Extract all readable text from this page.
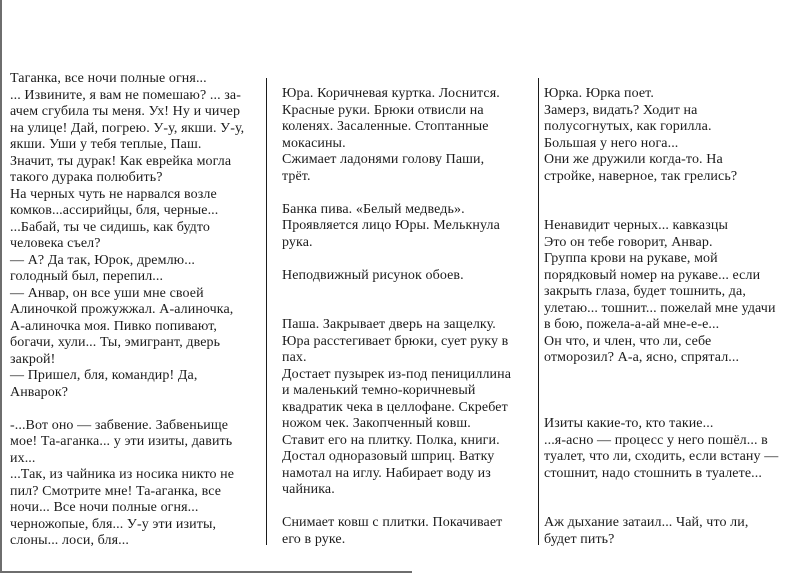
Таганка, все ночи полные огня...
... Извините, я вам не помешаю? ... за-
ачем сгубила ты меня. Ух! Ну и чичер
на улице! Дай, погрею. У-у, якши. У-у,
якши. Уши у тебя теплые, Паш.
Значит, ты дурак! Как еврейка могла
такого дурака полюбить?
На черных чуть не нарвался возле
комков...ассирийцы, бля, черные...
...Бабай, ты че сидишь, как будто
человека съел?
— А? Да так, Юрок, дремлю...
голодный был, перепил...
— Анвар, он все уши мне своей
Алиночкой прожужжал. А-алиночка,
А-алиночка моя. Пивко попивают,
богачи, хули... Ты, эмигрант, дверь
закрой!
— Пришел, бля, командир! Да,
Анварок?

-...Вот оно — забвение. Забвеньище
мое! Та-аганка... у эти изиты, давить
их...
...Так, из чайника из носика никто не
пил? Смотрите мне! Та-аганка, все
ночи... Все ночи полные огня...
черножопые, бля... У-у эти изиты,
слоны... лоси, бля...
Юра. Коричневая куртка. Лоснится.
Красные руки. Брюки отвисли на
коленях. Засаленные. Стоптанные
мокасины.
Сжимает ладонями голову Паши,
трёт.

Банка пива. «Белый медведь».
Проявляется лицо Юры. Мелькнула
рука.

Неподвижный рисунок обоев.

Паша. Закрывает дверь на защелку.
Юра расстегивает брюки, сует руку в
пах.
Достает пузырек из-под пенициллина
и маленький темно-коричневый
квадратик чека в целлофане. Скребет
ножом чек. Закопченный ковш.
Ставит его на плитку. Полка, книги.
Достал одноразовый шприц. Ватку
намотал на иглу. Набирает воду из
чайника.

Снимает ковш с плитки. Покачивает
его в руке.
Юрка. Юрка поет.
Замерз, видать? Ходит на
полусогнутых, как горилла.
Большая у него нога...
Они же дружили когда-то. На
стройке, наверное, так грелись?

Ненавидит черных... кавказцы
Это он тебе говорит, Анвар.
Группа крови на рукаве, мой
порядковый номер на рукаве... если
закрыть глаза, будет тошнить, да,
улетаю... тошнит... пожелай мне удачи
в бою, пожела-а-ай мне-е-е...
Он что, и член, что ли, себе
отморозил? А-а, ясно, спрятал...

Изиты какие-то, кто такие...
...я-асно — процесс у него пошёл... в
туалет, что ли, сходить, если встану —
стошнит, надо стошнить в туалете...

Аж дыхание затаил... Чай, что ли,
будет пить?
